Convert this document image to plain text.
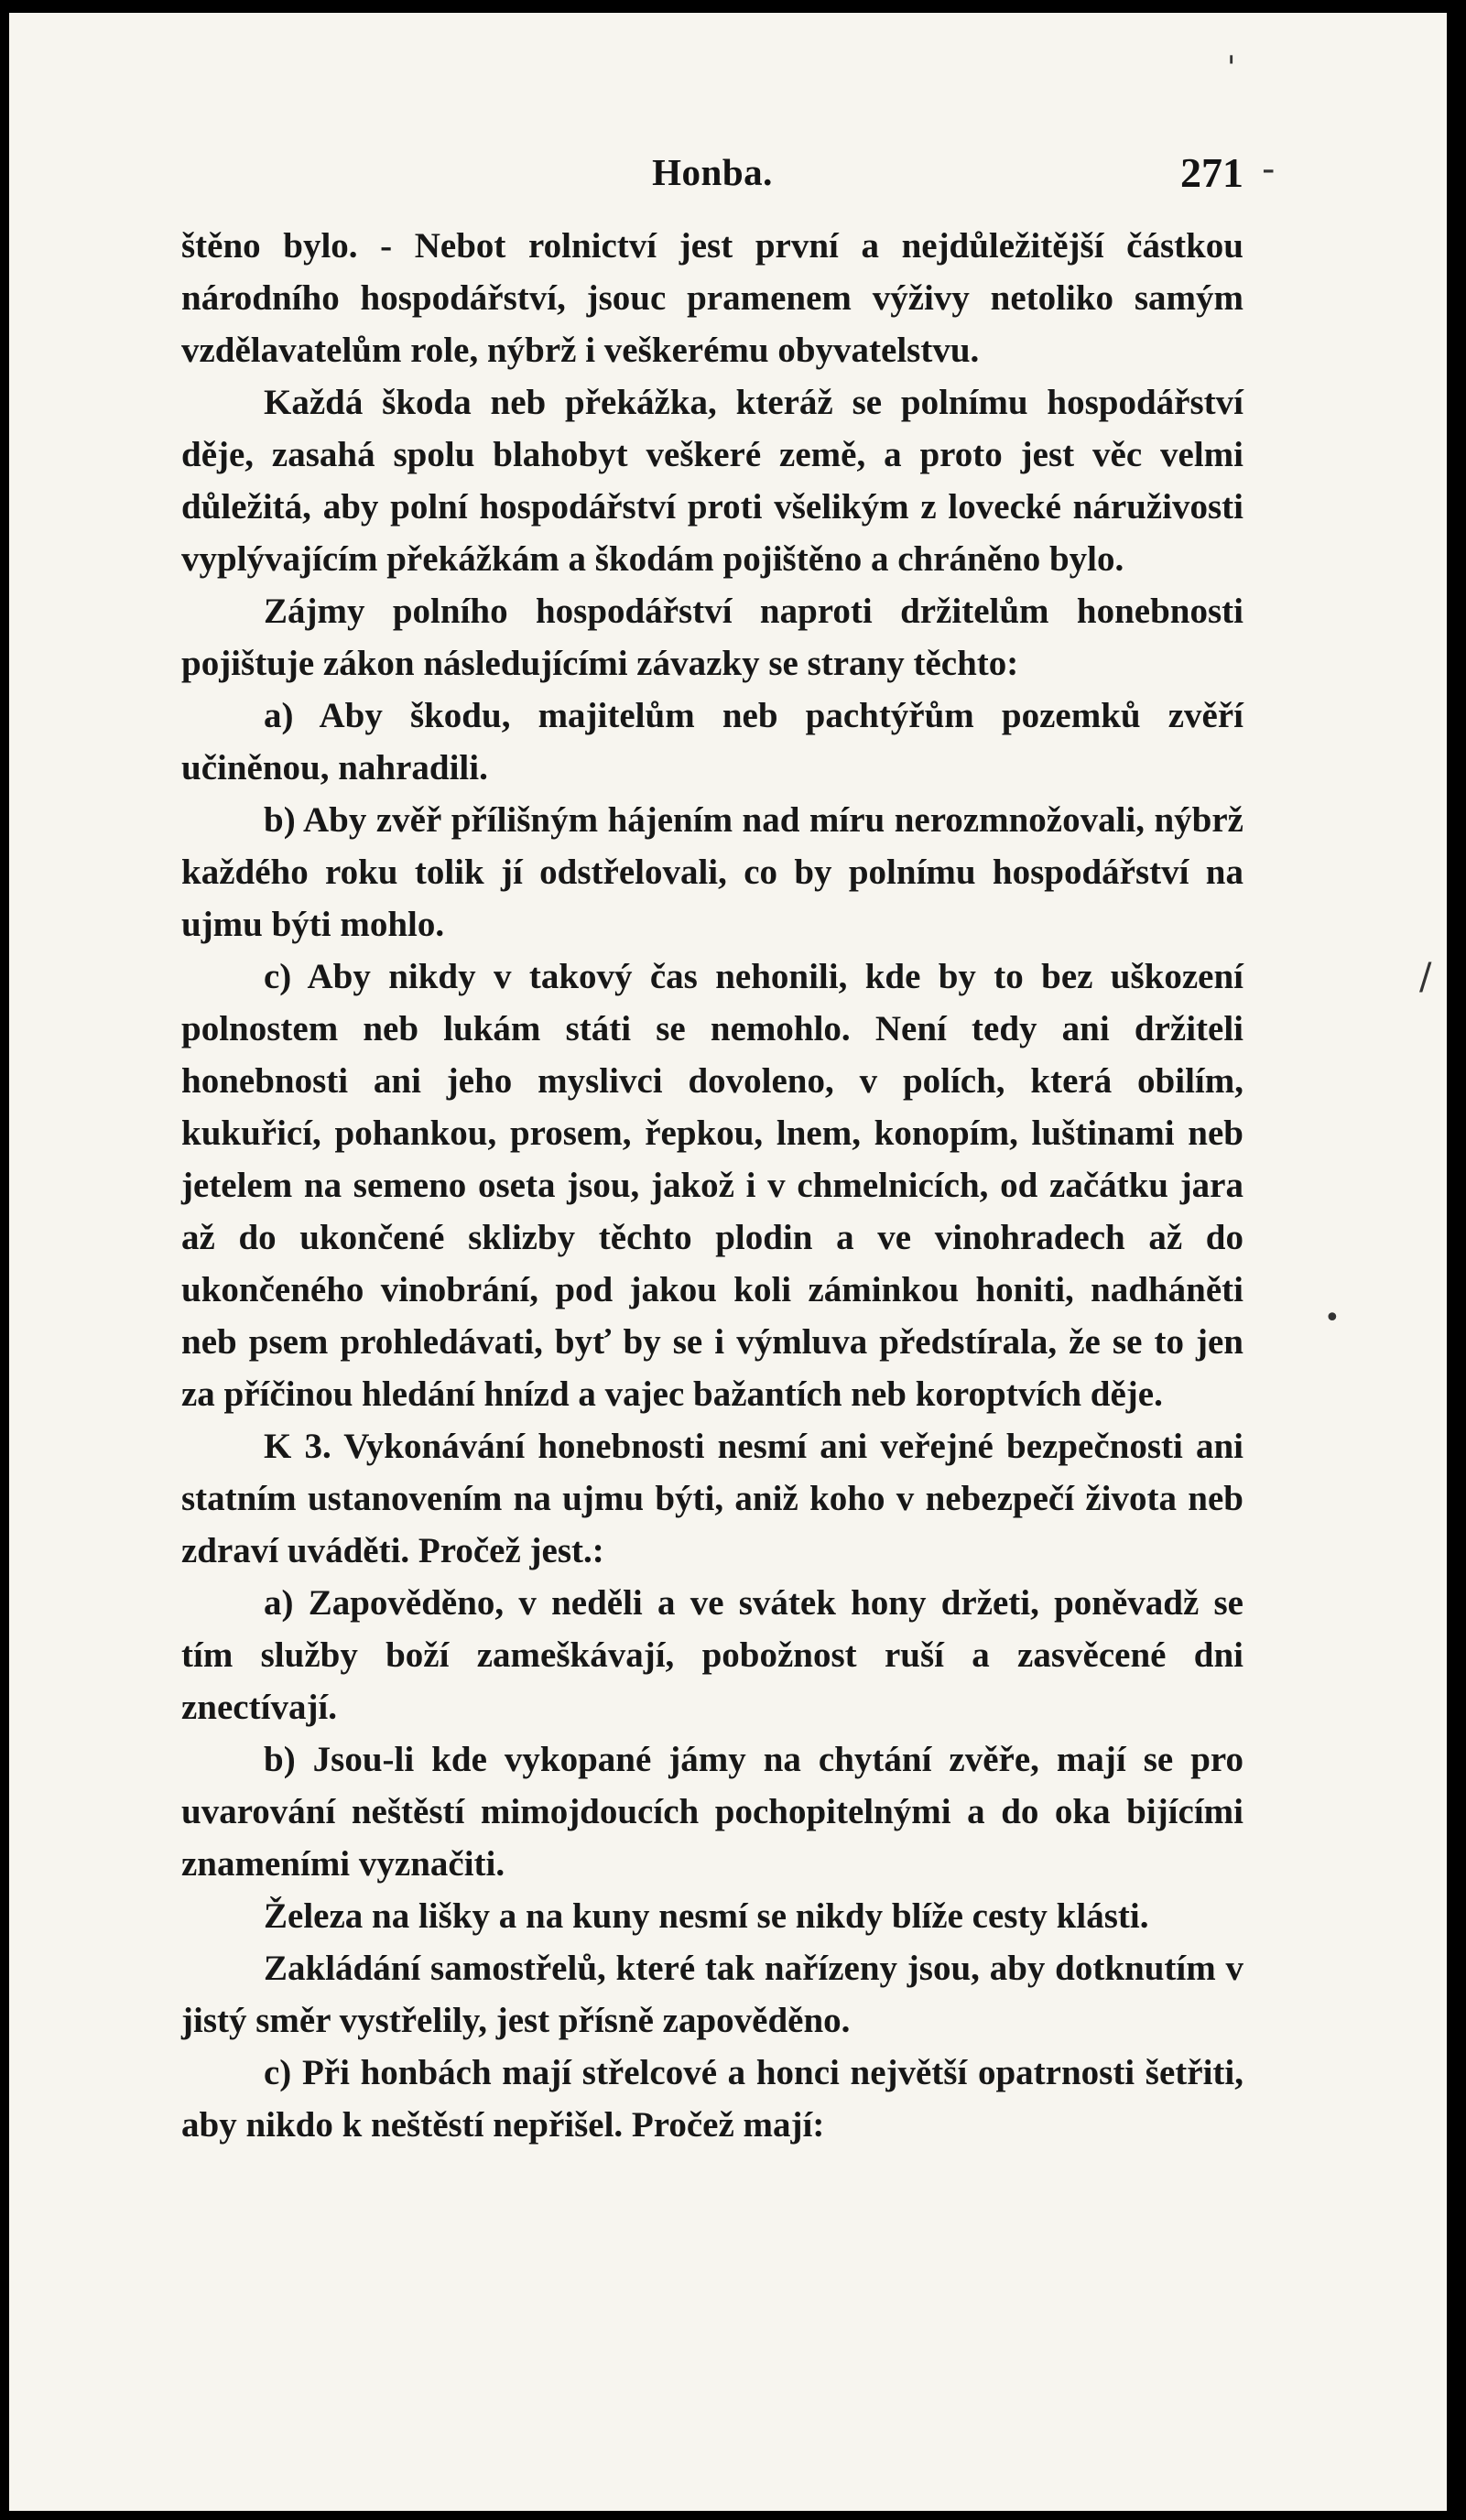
Honba.	271

štěno bylo. - Nebot rolnictví jest první a nejdůležitější částkou národního hospodářství, jsouc pramenem výživy netoliko samým vzdělavatelům role, nýbrž i veškerému obyvatelstvu.

Každá škoda neb překážka, kteráž se polnímu hospodářství děje, zasahá spolu blahobyt veškeré země, a proto jest věc velmi důležitá, aby polní hospodářství proti všelikým z lovecké náruživosti vyplývajícím překážkám a škodám pojištěno a chráněno bylo.

Zájmy polního hospodářství naproti držitelům honebnosti pojištuje zákon následujícími závazky se strany těchto:

a) Aby škodu, majitelům neb pachtýřům pozemků zvěří učiněnou, nahradili.

b) Aby zvěř přílišným hájením nad míru nerozmnožovali, nýbrž každého roku tolik jí odstřelovali, co by polnímu hospodářství na ujmu býti mohlo.

c) Aby nikdy v takový čas nehonili, kde by to bez uškození polnostem neb lukám státi se nemohlo. Není tedy ani držiteli honebnosti ani jeho myslivci dovoleno, v polích, která obilím, kukuřicí, pohankou, prosem, řepkou, lnem, konopím, luštinami neb jetelem na semeno oseta jsou, jakož i v chmelnicích, od začátku jara až do ukončené sklizby těchto plodin a ve vinohradech až do ukončeného vinobrání, pod jakou koli záminkou honiti, nadháněti neb psem prohledávati, byť by se i výmluva předstírala, že se to jen za příčinou hledání hnízd a vajec bažantích neb koroptvích děje.

K 3. Vykonávání honebnosti nesmí ani veřejné bezpečnosti ani statním ustanovením na ujmu býti, aniž koho v nebezpečí života neb zdraví uváděti. Pročež jest.:

a) Zapověděno, v neděli a ve svátek hony držeti, poněvadž se tím služby boží zameškávají, pobožnost ruší a zasvěcené dni znectívají.

b) Jsou-li kde vykopané jámy na chytání zvěře, mají se pro uvarování neštěstí mimojdoucích pochopitelnými a do oka bijícími znameními vyznačiti.

Železa na lišky a na kuny nesmí se nikdy blíže cesty klásti.

Zakládání samostřelů, které tak nařízeny jsou, aby dotknutím v jistý směr vystřelily, jest přísně zapověděno.

c) Při honbách mají střelcové a honci největší opatrnosti šetřiti, aby nikdo k neštěstí nepřišel. Pročež mají:

-
'
/
•
